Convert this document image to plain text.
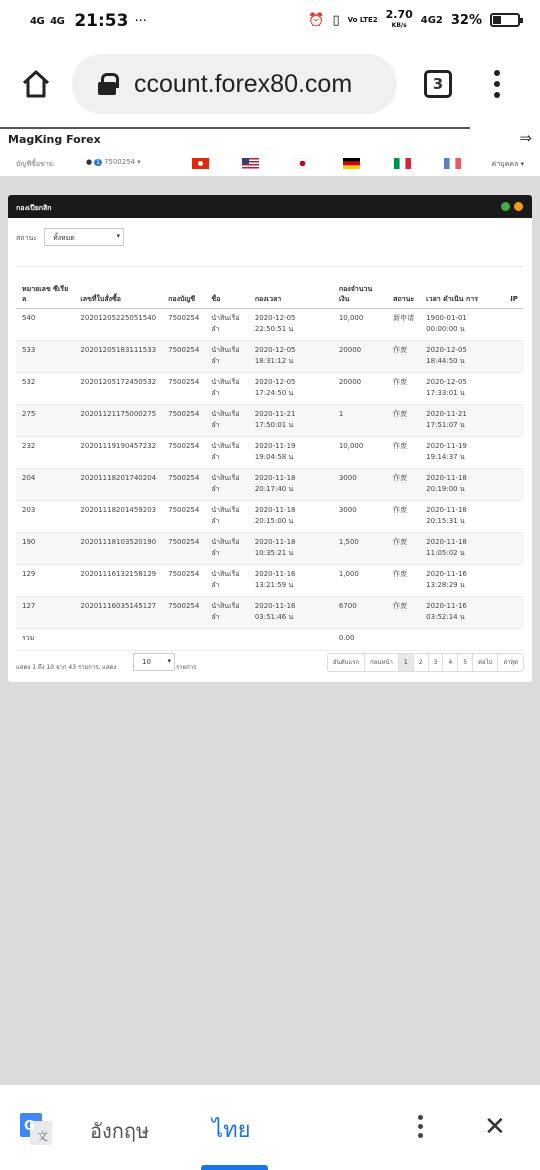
4G 4G 21:53 ···	⏰ ▯ Vo LTE2 2.70
KB/s	4G2 32%
ccount.forex80.com	3
MagKing Forex	⇒
บัญชีซื้อขาย:	● 1 7500254 ▾	ค่าบุคคล ▾
กองเปียกสิก
สถานะ	ทั้งหมด ▾
หมายเลข ซีเรียล	เลขที่ใบสั่งซื้อ	กองบัญชี	ชื่อ	กองเวลา	กองจำนวน เงิน	สถานะ	เวลา ดำเนิน การ	IP
540	20201205225051540	7500254	นำสินเรือ่ลำ	2020-12-05 22:50:51 น	10,000	新申请	1900-01-01 00:00:00 น	
533	20201205183111533	7500254	นำสินเรือ่ลำ	2020-12-05 18:31:12 น	20000	作废	2020-12-05 18:44:50 น	
532	20201205172450532	7500254	นำสินเรือ่ลำ	2020-12-05 17:24:50 น	20000	作废	2020-12-05 17:33:01 น	
275	20201121175000275	7500254	นำสินเรือ่ลำ	2020-11-21 17:50:01 น	1	作废	2020-11-21 17:51:07 น	
232	20201119190457232	7500254	นำสินเรือ่ลำ	2020-11-19 19:04:58 น	10,000	作废	2020-11-19 19:14:37 น	
204	20201118201740204	7500254	นำสินเรือ่ลำ	2020-11-18 20:17:40 น	3000	作废	2020-11-18 20:19:00 น	
203	20201118201459203	7500254	นำสินเรือ่ลำ	2020-11-18 20:15:00 น	3000	作废	2020-11-18 20:15:31 น	
190	20201118103520190	7500254	นำสินเรือ่ลำ	2020-11-18 10:35:21 น	1,500	作废	2020-11-18 11:05:02 น	
129	20201116132158129	7500254	นำสินเรือ่ลำ	2020-11-16 13:21:59 น	1,000	作废	2020-11-16 13:28:29 น	
127	20201116035145127	7500254	นำสินเรือ่ลำ	2020-11-16 03:51:46 น	6700	作废	2020-11-16 03:52:14 น	
รวม					0.00			
แสดง 1 ถึง 10 จาก 43 รายการ, แสดง
10 ▾
รายการ
อันดับแรก	ก่อนหน้า	1	2	3	4	5	ต่อไป	ล่าสุด
G
文 อังกฤษ	ไทย	✕
